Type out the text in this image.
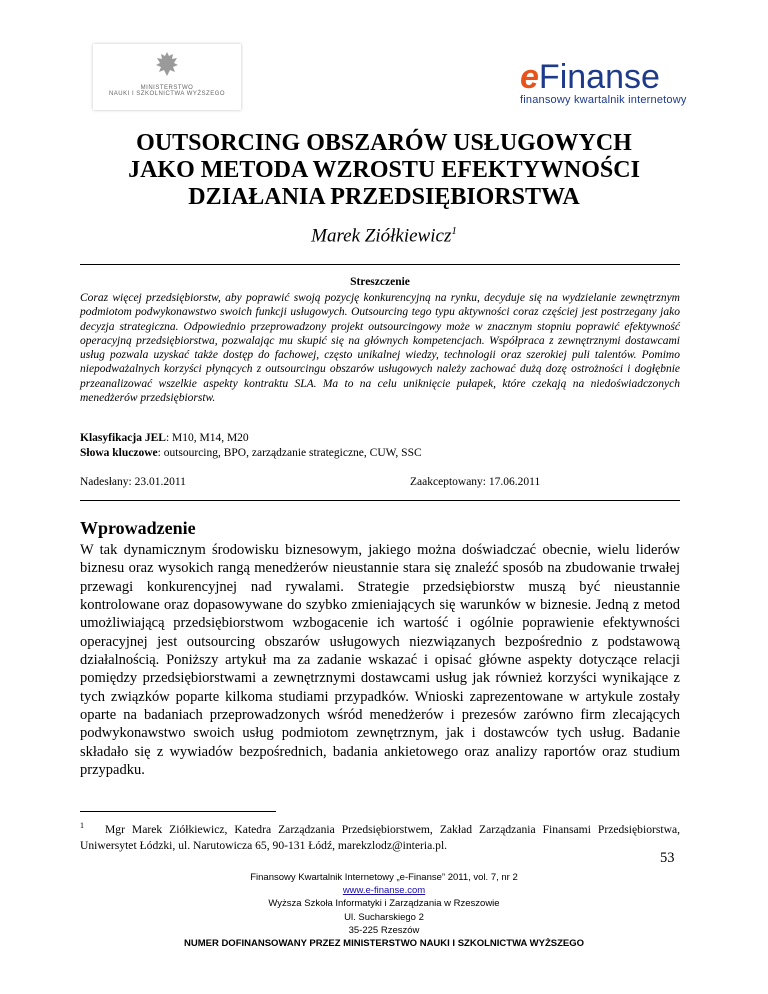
MINISTERSTWO
NAUKI I SZKOLNICTWA WYŻSZEGO	eFinanse
finansowy kwartalnik internetowy
OUTSORCING OBSZARÓW USŁUGOWYCH
JAKO METODA WZROSTU EFEKTYWNOŚCI
DZIAŁANIA PRZEDSIĘBIORSTWA
Marek Ziółkiewicz$^1$
Streszczenie
Coraz więcej przedsiębiorstw, aby poprawić swoją pozycję konkurencyjną na rynku, decyduje się na wydzielanie zewnętrznym podmiotom podwykonawstwo swoich funkcji usługowych. Outsourcing tego typu aktywności coraz częściej jest postrzegany jako decyzja strategiczna. Odpowiednio przeprowadzony projekt outsourcingowy może w znacznym stopniu poprawić efektywność operacyjną przedsiębiorstwa, pozwalając mu skupić się na głównych kompetencjach. Współpraca z zewnętrznymi dostawcami usług pozwala uzyskać także dostęp do fachowej, często unikalnej wiedzy, technologii oraz szerokiej puli talentów. Pomimo niepodważalnych korzyści płynących z outsourcingu obszarów usługowych należy zachować dużą dozę ostrożności i dogłębnie przeanalizować wszelkie aspekty kontraktu SLA. Ma to na celu uniknięcie pułapek, które czekają na niedoświadczonych menedżerów przedsiębiorstw.
Klasyfikacja JEL: M10, M14, M20
Słowa kluczowe: outsourcing, BPO, zarządzanie strategiczne, CUW, SSC
Nadesłany: 23.01.2011	Zaakceptowany: 17.06.2011
Wprowadzenie
W tak dynamicznym środowisku biznesowym, jakiego można doświadczać obecnie, wielu liderów biznesu oraz wysokich rangą menedżerów nieustannie stara się znaleźć sposób na zbudowanie trwałej przewagi konkurencyjnej nad rywalami. Strategie przedsiębiorstw muszą być nieustannie kontrolowane oraz dopasowywane do szybko zmieniających się warunków w biznesie. Jedną z metod umożliwiającą przedsiębiorstwom wzbogacenie ich wartość i ogólnie poprawienie efektywności operacyjnej jest outsourcing obszarów usługowych niezwiązanych bezpośrednio z podstawową działalnością. Poniższy artykuł ma za zadanie wskazać i opisać główne aspekty dotyczące relacji pomiędzy przedsiębiorstwami a zewnętrznymi dostawcami usług jak również korzyści wynikające z tych związków poparte kilkoma studiami przypadków. Wnioski zaprezentowane w artykule zostały oparte na badaniach przeprowadzonych wśród menedżerów i prezesów zarówno firm zlecających podwykonawstwo swoich usług podmiotom zewnętrznym, jak i dostawców tych usług. Badanie składało się z wywiadów bezpośrednich, badania ankietowego oraz analizy raportów oraz studium przypadku.
$^1$ Mgr Marek Ziółkiewicz, Katedra Zarządzania Przedsiębiorstwem, Zakład Zarządzania Finansami Przedsiębiorstwa, Uniwersytet Łódzki, ul. Narutowicza 65, 90-131 Łódź, marekzlodz@interia.pl.
53
Finansowy Kwartalnik Internetowy „e-Finanse” 2011, vol. 7, nr 2
www.e-finanse.com
Wyższa Szkoła Informatyki i Zarządzania w Rzeszowie
Ul. Sucharskiego 2
35-225 Rzeszów
NUMER DOFINANSOWANY PRZEZ MINISTERSTWO NAUKI I SZKOLNICTWA WYŻSZEGO
